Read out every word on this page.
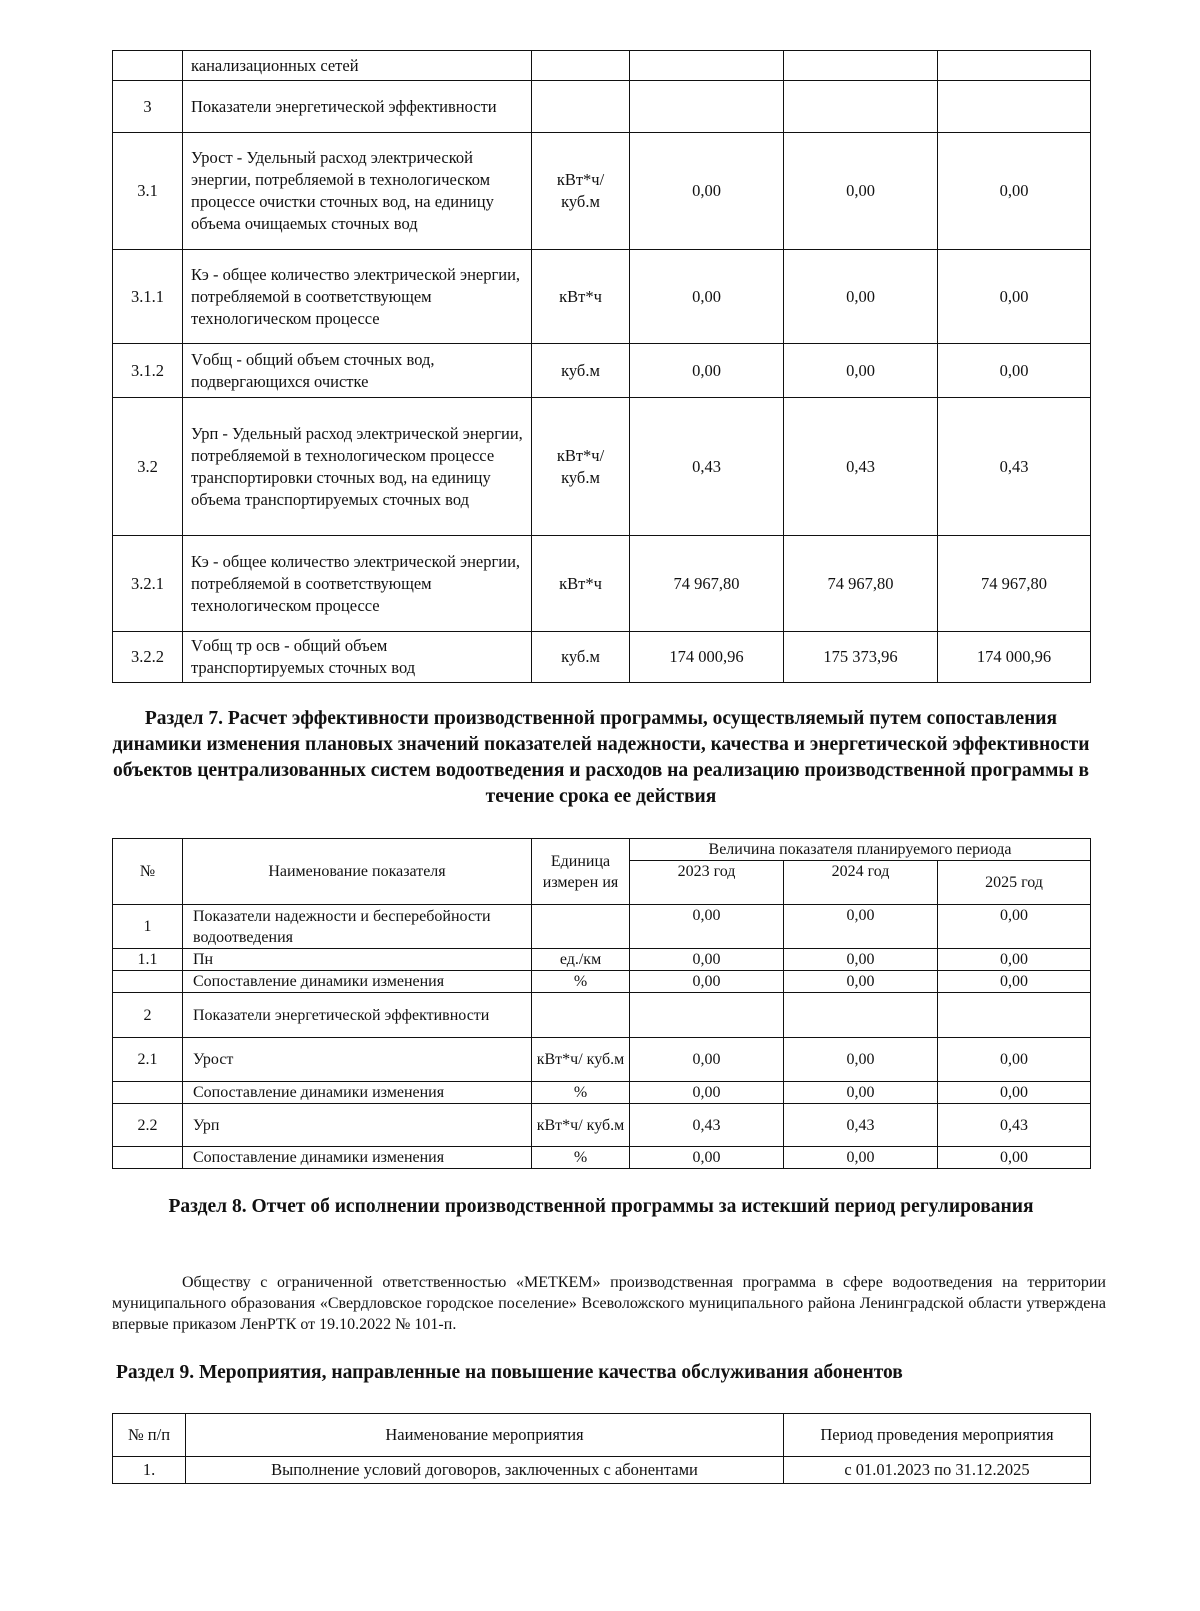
	канализационных сетей				
3	Показатели энергетической эффективности				
3.1	Урост - Удельный расход электрической энергии, потребляемой в технологическом процессе очистки сточных вод, на единицу объема очищаемых сточных вод	кВт*ч/ куб.м	0,00	0,00	0,00
3.1.1	Кэ - общее количество электрической энергии, потребляемой в соответствующем технологическом процессе	кВт*ч	0,00	0,00	0,00
3.1.2	Vобщ - общий объем сточных вод, подвергающихся очистке	куб.м	0,00	0,00	0,00
3.2	Урп - Удельный расход электрической энергии, потребляемой в технологическом процессе транспортировки сточных вод, на единицу объема транспортируемых сточных вод	кВт*ч/ куб.м	0,43	0,43	0,43
3.2.1	Кэ - общее количество электрической энергии, потребляемой в соответствующем технологическом процессе	кВт*ч	74 967,80	74 967,80	74 967,80
3.2.2	Vобщ тр осв - общий объем транспортируемых сточных вод	куб.м	174 000,96	175 373,96	174 000,96
Раздел 7. Расчет эффективности производственной программы, осуществляемый путем сопоставления динамики изменения плановых значений показателей надежности, качества и энергетической эффективности объектов централизованных систем водоотведения и расходов на реализацию производственной программы в течение срока ее действия
№	Наименование показателя	Единица измерен ия	Величина показателя планируемого периода		
			2023 год	2024 год	2025 год
1	Показатели надежности и бесперебойности водоотведения		0,00	0,00	0,00
1.1	Пн	ед./км	0,00	0,00	0,00
	Сопоставление динамики изменения	%	0,00	0,00	0,00
2	Показатели энергетической эффективности				
2.1	Урост	кВт*ч/ куб.м	0,00	0,00	0,00
	Сопоставление динамики изменения	%	0,00	0,00	0,00
2.2	Урп	кВт*ч/ куб.м	0,43	0,43	0,43
	Сопоставление динамики изменения	%	0,00	0,00	0,00
Раздел 8. Отчет об исполнении производственной программы за истекший период регулирования
Обществу с ограниченной ответственностью «МЕТКЕМ» производственная программа в сфере водоотведения на территории муниципального образования «Свердловское городское поселение» Всеволожского муниципального района Ленинградской области утверждена впервые приказом ЛенРТК от 19.10.2022 № 101-п.
Раздел 9. Мероприятия, направленные на повышение качества обслуживания абонентов
№ п/п	Наименование мероприятия	Период проведения мероприятия
1.	Выполнение условий договоров, заключенных с абонентами	с 01.01.2023 по 31.12.2025
